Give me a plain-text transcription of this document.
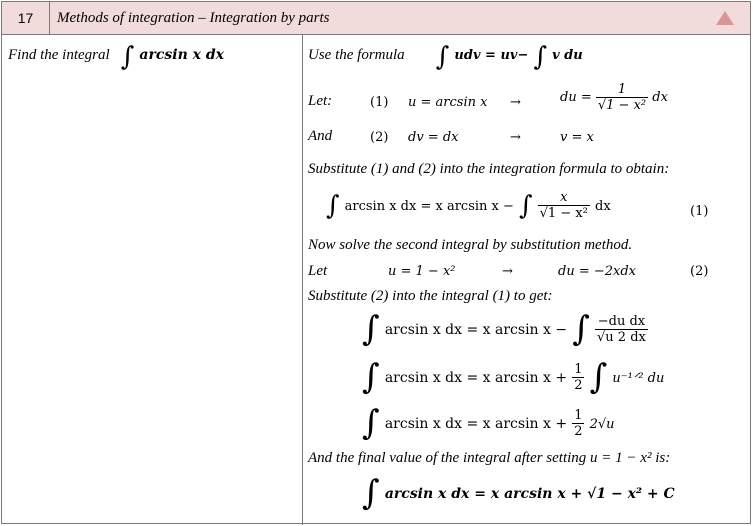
17	Methods of integration – Integration by parts
Find the integral ∫ arcsin x dx	Use the formula ∫ udv = uv− ∫ v du
Let:	(1) u = arcsin x →	du = $\frac{1}{\text{√1 − x²}}$ dx
And	(2) dv = dx	→	v = x
Substitute (1) and (2) into the integration formula to obtain:
∫ arcsin x dx = x arcsin x − ∫ $\frac{x}{\text{√1 − x²}}$ dx	(1)
Now solve the second integral by substitution method.
Let	u = 1 − x²	→	du = −2xdx	(2)
Substitute (2) into the integral (1) to get:
∫ arcsin x dx = x arcsin x − ∫ $\frac{\text{−du dx}}{√u 2 dx}$
∫ arcsin x dx = x $\arcsin x + \frac{1}{2}$ ∫ u⁻¹ᐟ² du
∫ arcsin x dx = x $\arcsin x + \frac{1}{2} 2√u$
And the final value of the integral after setting u = 1 − x² is:
∫ arcsin x dx = x arcsin x + √1 − x² + C
